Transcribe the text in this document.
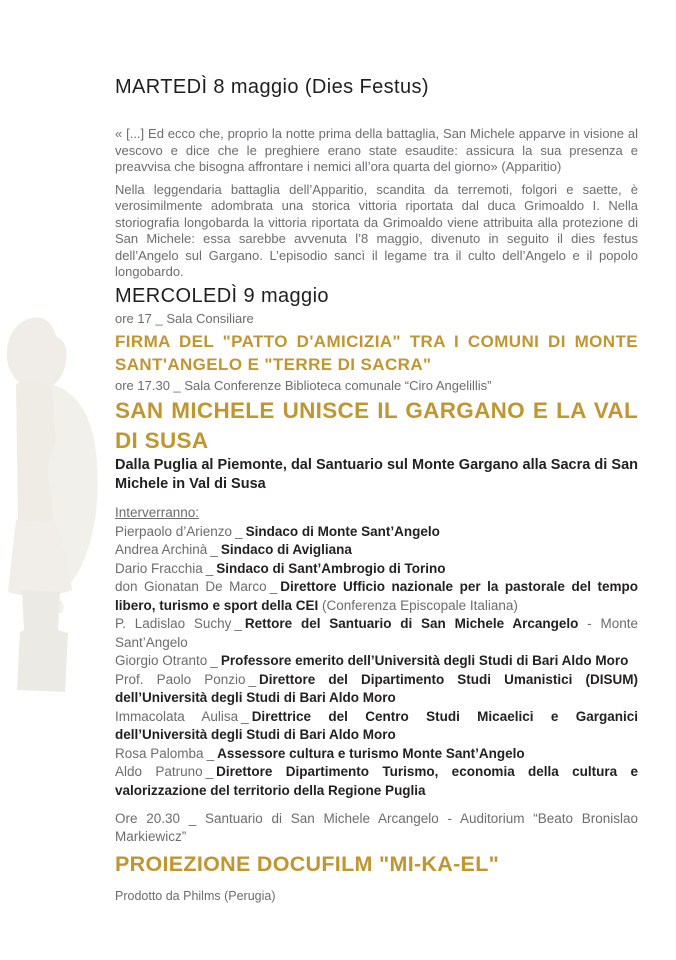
MARTEDÌ 8 maggio (Dies Festus)

« [...] Ed ecco che, proprio la notte prima della battaglia, San Michele apparve in visione al vescovo e dice che le preghiere erano state esaudite: assicura la sua presenza e preavvisa che bisogna affrontare i nemici all’ora quarta del giorno» (Apparitio)

Nella leggendaria battaglia dell’Apparitio, scandita da terremoti, folgori e saette, è verosimilmente adombrata una storica vittoria riportata dal duca Grimoaldo I. Nella storiografia longobarda la vittoria riportata da Grimoaldo viene attribuita alla protezione di San Michele: essa sarebbe avvenuta l’8 maggio, divenuto in seguito il dies festus dell’Angelo sul Gargano. L’episodio sancì il legame tra il culto dell’Angelo e il popolo longobardo.

MERCOLEDÌ 9 maggio
ore 17 _ Sala Consiliare
FIRMA DEL "PATTO D'AMICIZIA" TRA I COMUNI DI MONTE SANT'ANGELO E "TERRE DI SACRA"
ore 17.30 _ Sala Conferenze Biblioteca comunale “Ciro Angelillis”
SAN MICHELE UNISCE IL GARGANO E LA VAL DI SUSA

Dalla Puglia al Piemonte, dal Santuario sul Monte Gargano alla Sacra di San Michele in Val di Susa

Interverranno:
Pierpaolo d’Arienzo _ Sindaco di Monte Sant’Angelo
Andrea Archinà _ Sindaco di Avigliana
Dario Fracchia _ Sindaco di Sant’Ambrogio di Torino
don Gionatan De Marco _ Direttore Ufficio nazionale per la pastorale del tempo libero, turismo e sport della CEI (Conferenza Episcopale Italiana)
P. Ladislao Suchy _ Rettore del Santuario di San Michele Arcangelo - Monte Sant’Angelo
Giorgio Otranto _ Professore emerito dell’Università degli Studi di Bari Aldo Moro
Prof. Paolo Ponzio _ Direttore del Dipartimento Studi Umanistici (DISUM) dell’Università degli Studi di Bari Aldo Moro
Immacolata Aulisa _ Direttrice del Centro Studi Micaelici e Garganici dell’Università degli Studi di Bari Aldo Moro
Rosa Palomba _ Assessore cultura e turismo Monte Sant’Angelo
Aldo Patruno _ Direttore Dipartimento Turismo, economia della cultura e valorizzazione del territorio della Regione Puglia

Ore 20.30 _ Santuario di San Michele Arcangelo - Auditorium “Beato Bronislao Markiewicz”

PROIEZIONE DOCUFILM "MI-KA-EL"
Prodotto da Philms (Perugia)
